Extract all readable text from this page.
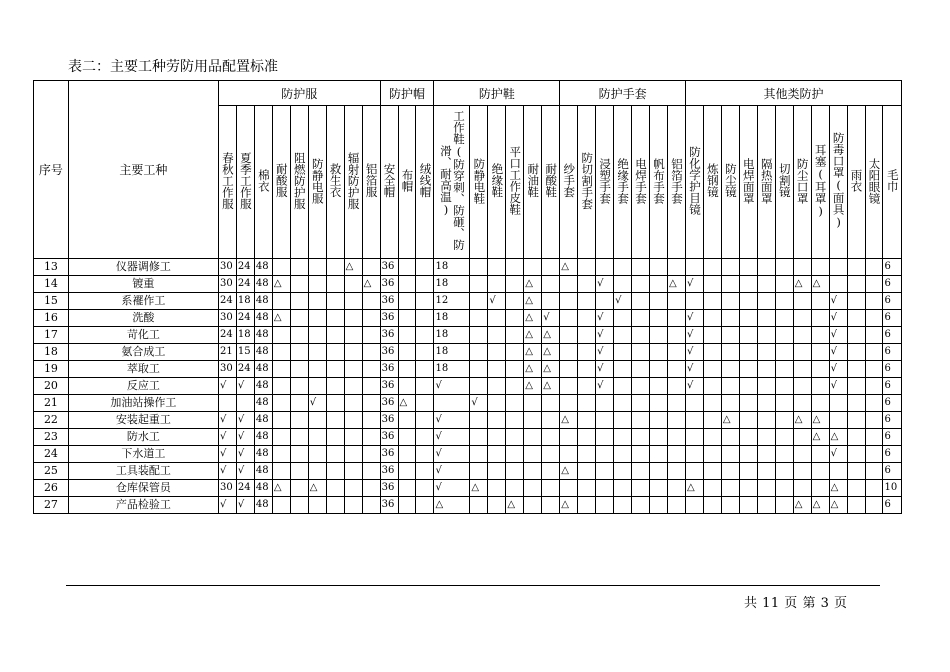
表二：主要工种劳防用品配置标准
序号	主要工种	防护服									防护帽			防护鞋						防护手套							其他类防护											
		春秋工作服	夏季工作服	棉衣	耐酸服	阻燃防护服	防静电服	救生衣	辐射防护服	铝箔服	安全帽	布帽	绒线帽	工作鞋(防穿刺、防砸、防滑、耐高温)	防静电鞋	绝缘鞋	平口工作皮鞋	耐油鞋	耐酸鞋	纱手套	防切割手套	浸塑手套	绝缘手套	电焊手套	帆布手套	铝箔手套	防化学护目镜	炼钢镜	防尘镜	电焊面罩	隔热面罩	切割镜	防尘口罩	耳塞(耳罩)	防毒口罩(面具)	雨衣	太阳眼镜	毛巾
13	仪器调修工	30	24	48					△		36			18						△																		6
14	镀重	30	24	48	△					△	36			18				△				√				△	√						△	△				6
15	系襬作工	24	18	48							36			12		√		△					√												√			6
16	洗酸	30	24	48	△						36			18				△	√			√					√								√			6
17	苛化工	24	18	48							36			18				△	△			√					√								√			6
18	氨合成工	21	15	48							36			18				△	△			√					√								√			6
19	萃取工	30	24	48							36			18				△	△			√					√								√			6
20	反应工	√	√	48							36			√				△	△			√					√								√			6
21	加油站操作工			48			√				36	△			√																							6
22	安装起重工	√	√	48							36			√						△									△				△	△				6
23	防水工	√	√	48							36			√																				△	△			6
24	下水道工	√	√	48							36			√																					√			6
25	工具装配工	√	√	48							36			√						△																		6
26	仓库保管员	30	24	48	△		△				36			√	△												△								△			10
27	产品检验工	√	√	48							36			△			△			△													△	△	△			6
共 11 页 第 3 页
